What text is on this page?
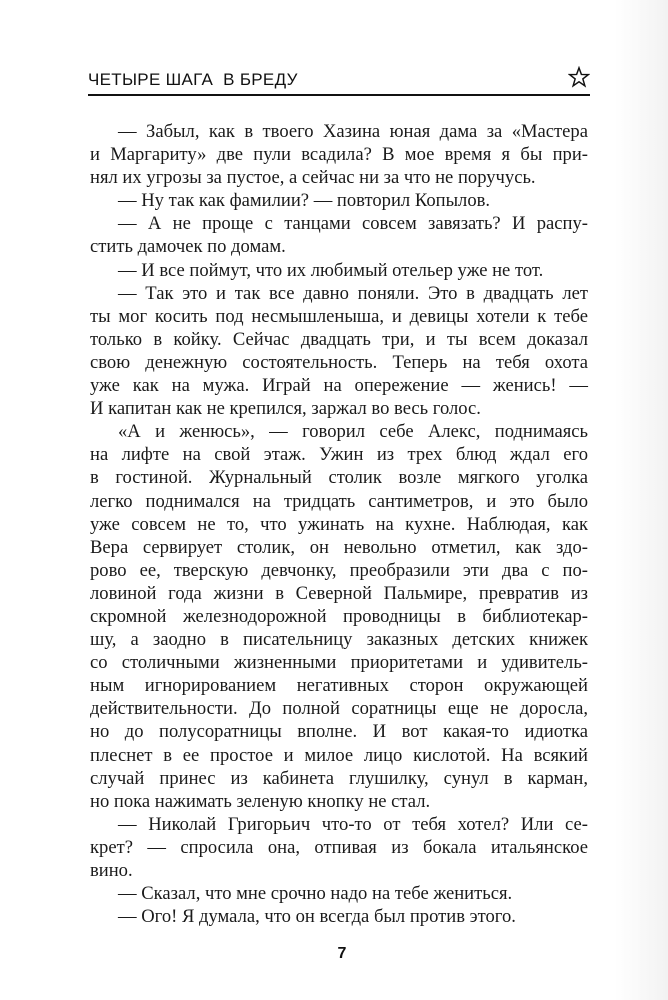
ЧЕТЫРЕ ШАГА  В БРЕДУ
— Забыл, как в твоего Хазина юная дама за «Мастера
и Маргариту» две пули всадила? В мое время я бы при-
нял их угрозы за пустое, а сейчас ни за что не поручусь.
— Ну так как фамилии? — повторил Копылов.
— А не проще с танцами совсем завязать? И распу-
стить дамочек по домам.
— И все поймут, что их любимый отельер уже не тот.
— Так это и так все давно поняли. Это в двадцать лет
ты мог косить под несмышленыша, и девицы хотели к тебе
только в койку. Сейчас двадцать три, и ты всем доказал
свою денежную состоятельность. Теперь на тебя охота
уже как на мужа. Играй на опережение — женись! —
И капитан как не крепился, заржал во весь голос.
«А и женюсь», — говорил себе Алекс, поднимаясь
на лифте на свой этаж. Ужин из трех блюд ждал его
в гостиной. Журнальный столик возле мягкого уголка
легко поднимался на тридцать сантиметров, и это было
уже совсем не то, что ужинать на кухне. Наблюдая, как
Вера сервирует столик, он невольно отметил, как здо-
рово ее, тверскую девчонку, преобразили эти два с по-
ловиной года жизни в Северной Пальмире, превратив из
скромной железнодорожной проводницы в библиотекар-
шу, а заодно в писательницу заказных детских книжек
со столичными жизненными приоритетами и удивитель-
ным игнорированием негативных сторон окружающей
действительности. До полной соратницы еще не доросла,
но до полусоратницы вполне. И вот какая-то идиотка
плеснет в ее простое и милое лицо кислотой. На всякий
случай принес из кабинета глушилку, сунул в карман,
но пока нажимать зеленую кнопку не стал.
— Николай Григорьич что-то от тебя хотел? Или се-
крет? — спросила она, отпивая из бокала итальянское
вино.
— Сказал, что мне срочно надо на тебе жениться.
— Ого! Я думала, что он всегда был против этого.
7
